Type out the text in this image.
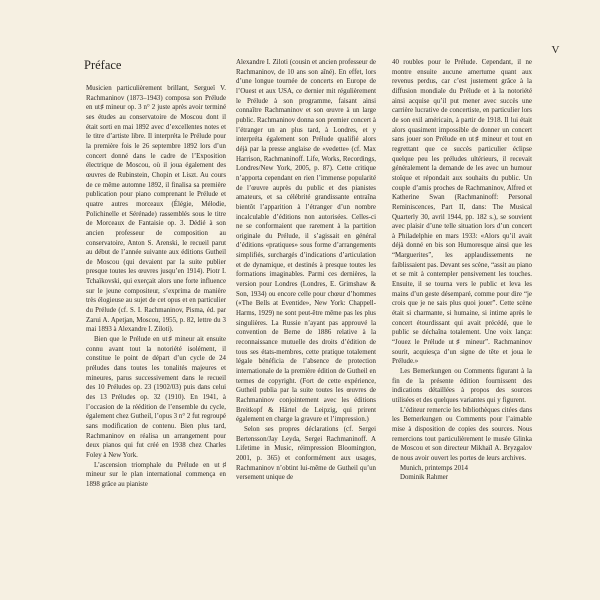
V
Préface

Musicien particulièrement brillant, Sergueï V. Rachmaninov (1873–1943) composa son Prélude en ut♯ mineur op. 3 n° 2 juste après avoir terminé ses études au conservatoire de Moscou dont il était sorti en mai 1892 avec d’excellentes notes et le titre d’artiste libre. Il interpréta le Prélude pour la première fois le 26 septembre 1892 lors d’un concert donné dans le cadre de l’Exposition électrique de Moscou, où il joua également des œuvres de Rubinstein, Chopin et Liszt. Au cours de ce même automne 1892, il finalisa sa première publication pour piano comprenant le Prélude et quatre autres morceaux (Élégie, Mélodie, Polichinelle et Sérénade) rassemblés sous le titre de Morceaux de Fantaisie op. 3. Dédié à son ancien professeur de composition au conservatoire, Anton S. Arenski, le recueil parut au début de l’année suivante aux éditions Gutheil de Moscou (qui devaient par la suite publier presque toutes les œuvres jusqu’en 1914). Piotr I. Tchaïkovski, qui exerçait alors une forte influence sur le jeune compositeur, s’exprima de manière très élogieuse au sujet de cet opus et en particulier du Prélude (cf. S. I. Rachmaninov, Pisma, éd. par Zarui A. Apetjan, Moscou, 1955, p. 82, lettre du 3 mai 1893 à Alexandre I. Ziloti).

Bien que le Prélude en ut♯ mineur ait ensuite connu avant tout la notoriété isolément, il constitue le point de départ d’un cycle de 24 préludes dans toutes les tonalités majeures et mineures, parus successivement dans le recueil des 10 Préludes op. 23 (1902/03) puis dans celui des 13 Préludes op. 32 (1910). En 1941, à l’occasion de la réédition de l’ensemble du cycle, également chez Gutheil, l’opus 3 n° 2 fut regroupé sans modification de contenu. Bien plus tard, Rachmaninov en réalisa un arrangement pour deux pianos qui fut créé en 1938 chez Charles Foley à New York.

L’ascension triomphale du Prélude en ut♯ mineur sur le plan international commença en 1898 grâce au pianiste

Alexandre I. Ziloti (cousin et ancien professeur de Rachmaninov, de 10 ans son aîné). En effet, lors d’une longue tournée de concerts en Europe de l’Ouest et aux USA, ce dernier mit régulièrement le Prélude à son programme, faisant ainsi connaître Rachmaninov et son œuvre à un large public. Rachmaninov donna son premier concert à l’étranger un an plus tard, à Londres, et y interpréta également son Prélude qualifié alors déjà par la presse anglaise de «vedette» (cf. Max Harrison, Rachmaninoff. Life, Works, Recordings, Londres/New York, 2005, p. 87). Cette critique n’apporta cependant en rien l’immense popularité de l’œuvre auprès du public et des pianistes amateurs, et sa célébrité grandissante entraîna bientôt l’apparition à l’étranger d’un nombre incalculable d’éditions non autorisées. Celles-ci ne se conformaient que rarement à la partition originale du Prélude, il s’agissait en général d’éditions «pratiques» sous forme d’arrangements simplifiés, surchargés d’indications d’articulation et de dynamique, et destinés à presque toutes les formations imaginables. Parmi ces dernières, la version pour Londres (Londres, E. Grimshaw & Son, 1934) ou encore celle pour chœur d’hommes («The Bells at Eventide», New York: Chappell-Harms, 1929) ne sont peut-être même pas les plus singulières. La Russie n’ayant pas approuvé la convention de Berne de 1886 relative à la reconnaissance mutuelle des droits d’édition de tous ses états-membres, cette pratique totalement légale bénéficia de l’absence de protection internationale de la première édition de Gutheil en termes de copyright. (Fort de cette expérience, Gutheil publia par la suite toutes les œuvres de Rachmaninov conjointement avec les éditions Breitkopf & Härtel de Leipzig, qui prirent également en charge la gravure et l’impression.)

Selon ses propres déclarations (cf. Sergei Bertensson/Jay Leyda, Sergei Rachmaninoff. A Lifetime in Music, réimpression Bloomington, 2001, p. 365) et conformément aux usages, Rachmaninov n’obtint lui-même de Gutheil qu’un versement unique de

40 roubles pour le Prélude. Cependant, il ne montre ensuite aucune amertume quant aux revenus perdus, car c’est justement grâce à la diffusion mondiale du Prélude et à la notoriété ainsi acquise qu’il put mener avec succès une carrière lucrative de concertiste, en particulier lors de son exil américain, à partir de 1918. Il lui était alors quasiment impossible de donner un concert sans jouer son Prélude en ut♯ mineur et tout en regrettant que ce succès particulier éclipse quelque peu les préludes ultérieurs, il recevait généralement la demande de les avec un humour stoïque et répondait aux souhaits du public. Un couple d’amis proches de Rachmaninov, Alfred et Katherine Swan (Rachmaninoff: Personal Reminiscences, Part II, dans: The Musical Quarterly 30, avril 1944, pp. 182 s.), se souvient avec plaisir d’une telle situation lors d’un concert à Philadelphie en mars 1933: «Alors qu’il avait déjà donné en bis son Humoresque ainsi que les “Marguerites”, les applaudissements ne faiblissaient pas. Devant ses scène, “assit au piano et se mit à contempler pensivement les touches. Ensuite, il se tourna vers le public et leva les mains d’un geste désemparé, comme pour dire “je crois que je ne sais plus quoi jouer”. Cette scène était si charmante, si humaine, si intime après le concert étourdissant qui avait précédé, que le public se déchaîna totalement. Une voix lança: “Jouez le Prélude ut♯ mineur”. Rachmaninov sourit, acquiesça d’un signe de tête et joua le Prélude.»

Les Bemerkungen ou Comments figurant à la fin de la présente édition fournissent des indications détaillées à propos des sources utilisées et des quelques variantes qui y figurent.

L’éditeur remercie les bibliothèques citées dans les Bemerkungen ou Comments pour l’aimable mise à disposition de copies des sources. Nous remercions tout particulièrement le musée Glinka de Moscou et son directeur Mikhaïl A. Bryzgalov de nous avoir ouvert les portes de leurs archives.

Munich, printemps 2014
Dominik Rahmer
